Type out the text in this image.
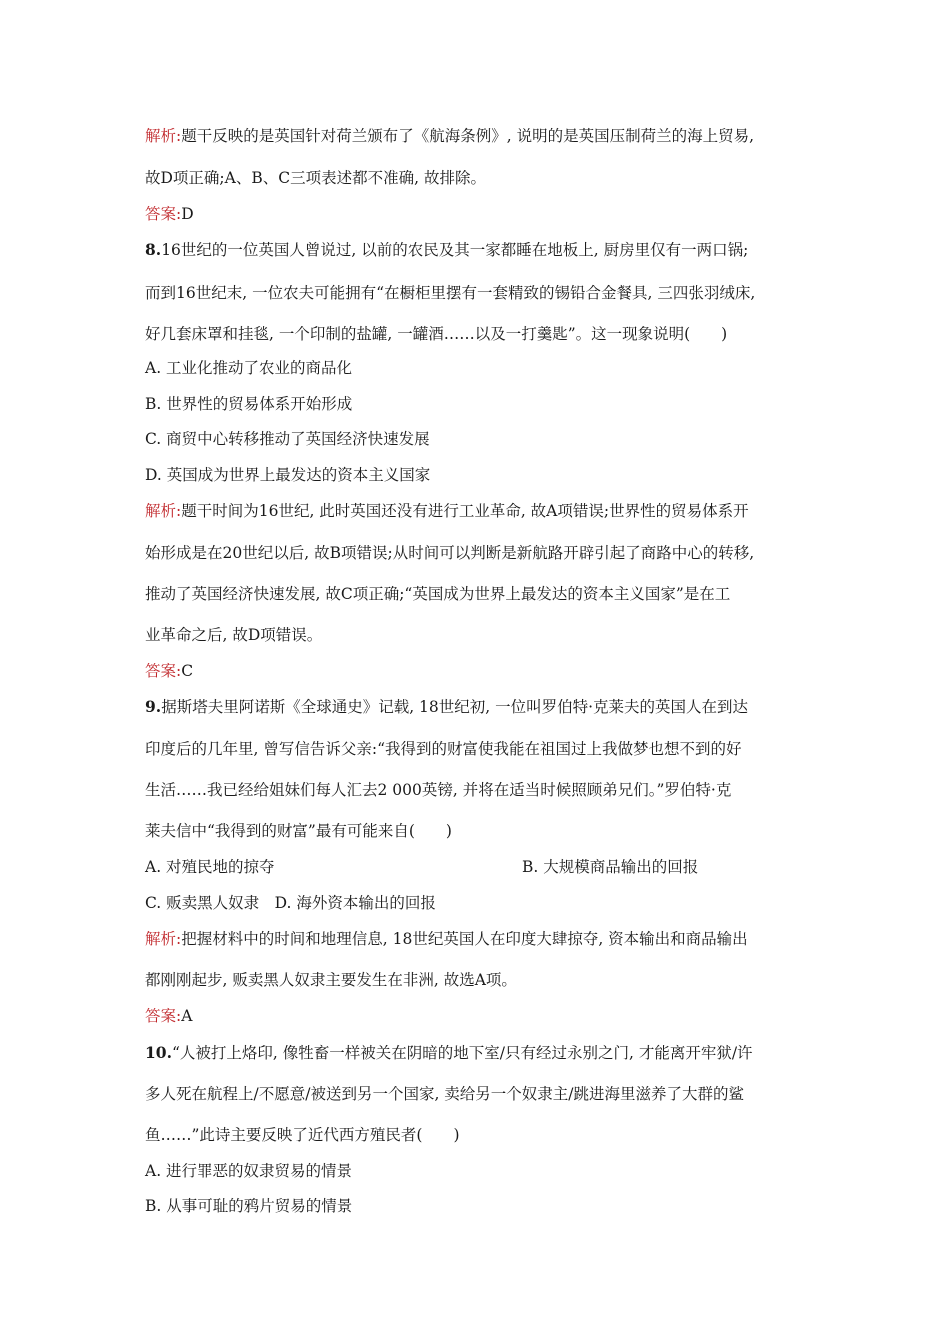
解析:题干反映的是英国针对荷兰颁布了《航海条例》, 说明的是英国压制荷兰的海上贸易,
故D项正确;A、B、C三项表述都不准确, 故排除。
答案:D
8.16世纪的一位英国人曾说过, 以前的农民及其一家都睡在地板上, 厨房里仅有一两口锅;
而到16世纪末, 一位农夫可能拥有“在橱柜里摆有一套精致的锡铅合金餐具, 三四张羽绒床,
好几套床罩和挂毯, 一个印制的盐罐, 一罐酒……以及一打羹匙”。这一现象说明(　　)
A. 工业化推动了农业的商品化
B. 世界性的贸易体系开始形成
C. 商贸中心转移推动了英国经济快速发展
D. 英国成为世界上最发达的资本主义国家
解析:题干时间为16世纪, 此时英国还没有进行工业革命, 故A项错误;世界性的贸易体系开
始形成是在20世纪以后, 故B项错误;从时间可以判断是新航路开辟引起了商路中心的转移,
推动了英国经济快速发展, 故C项正确;“英国成为世界上最发达的资本主义国家”是在工
业革命之后, 故D项错误。
答案:C
9.据斯塔夫里阿诺斯《全球通史》记载, 18世纪初, 一位叫罗伯特·克莱夫的英国人在到达
印度后的几年里, 曾写信告诉父亲:“我得到的财富使我能在祖国过上我做梦也想不到的好
生活……我已经给姐妹们每人汇去2 000英镑, 并将在适当时候照顾弟兄们。”罗伯特·克
莱夫信中“我得到的财富”最有可能来自(　　)
A. 对殖民地的掠夺	B. 大规模商品输出的回报
C. 贩卖黑人奴隶　D. 海外资本输出的回报
解析:把握材料中的时间和地理信息, 18世纪英国人在印度大肆掠夺, 资本输出和商品输出
都刚刚起步, 贩卖黑人奴隶主要发生在非洲, 故选A项。
答案:A
10.“人被打上烙印, 像牲畜一样被关在阴暗的地下室/只有经过永别之门, 才能离开牢狱/许
多人死在航程上/不愿意/被送到另一个国家, 卖给另一个奴隶主/跳进海里滋养了大群的鲨
鱼……”此诗主要反映了近代西方殖民者(　　)
A. 进行罪恶的奴隶贸易的情景
B. 从事可耻的鸦片贸易的情景
